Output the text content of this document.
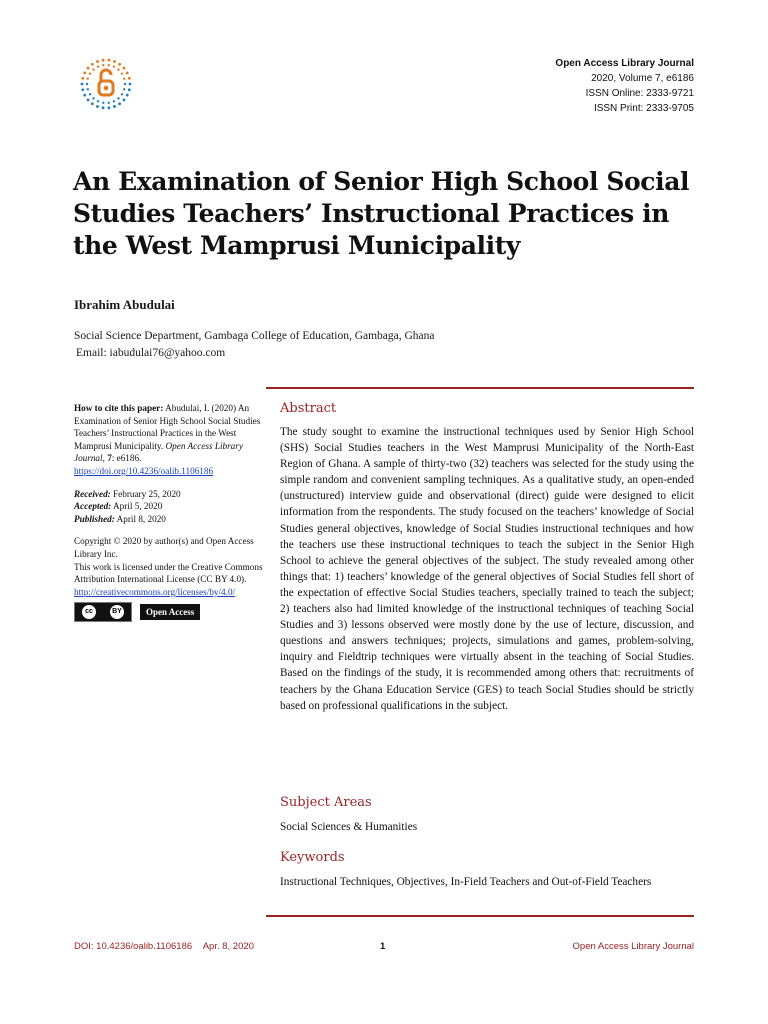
Open Access Library Journal
2020, Volume 7, e6186
ISSN Online: 2333-9721
ISSN Print: 2333-9705
An Examination of Senior High School Social Studies Teachers’ Instructional Practices in the West Mamprusi Municipality
Ibrahim Abudulai
Social Science Department, Gambaga College of Education, Gambaga, Ghana
Email: iabudulai76@yahoo.com

How to cite this paper: Abudulai, I. (2020) An Examination of Senior High School Social Studies Teachers’ Instructional Practices in the West Mamprusi Municipality. Open Access Library Journal, 7: e6186.

https://doi.org/10.4236/oalib.1106186

Received: February 25, 2020

Accepted: April 5, 2020

Published: April 8, 2020

Copyright © 2020 by author(s) and Open Access Library Inc.

This work is licensed under the Creative Commons Attribution International License (CC BY 4.0).

http://creativecommons.org/licenses/by/4.0/

cc	BY	Open Access
Abstract

The study sought to examine the instructional techniques used by Senior High School (SHS) Social Studies teachers in the West Mamprusi Municipality of the North-East Region of Ghana. A sample of thirty-two (32) teachers was selected for the study using the simple random and convenient sampling techniques. As a qualitative study, an open-ended (unstructured) interview guide and observational (direct) guide were designed to elicit information from the respondents. The study focused on the teachers’ knowledge of Social Studies general objectives, knowledge of Social Studies instructional techniques and how the teachers use these instructional techniques to teach the subject in the Senior High School to achieve the general objectives of the subject. The study revealed among other things that: 1) teachers’ knowledge of the general objectives of Social Studies fell short of the expectation of effective Social Studies teachers, specially trained to teach the subject; 2) teachers also had limited knowledge of the instructional techniques of teaching Social Studies and 3) lessons observed were mostly done by the use of lecture, discussion, and questions and answers techniques; projects, simulations and games, problem-solving, inquiry and Fieldtrip techniques were virtually absent in the teaching of Social Studies. Based on the findings of the study, it is recommended among others that: recruitments of teachers by the Ghana Education Service (GES) to teach Social Studies should be strictly based on professional qualifications in the subject.

Subject Areas

Social Sciences & Humanities

Keywords

Instructional Techniques, Objectives, In-Field Teachers and Out-of-Field Teachers

DOI: 10.4236/oalib.1106186 Apr. 8, 2020	1	Open Access Library Journal
